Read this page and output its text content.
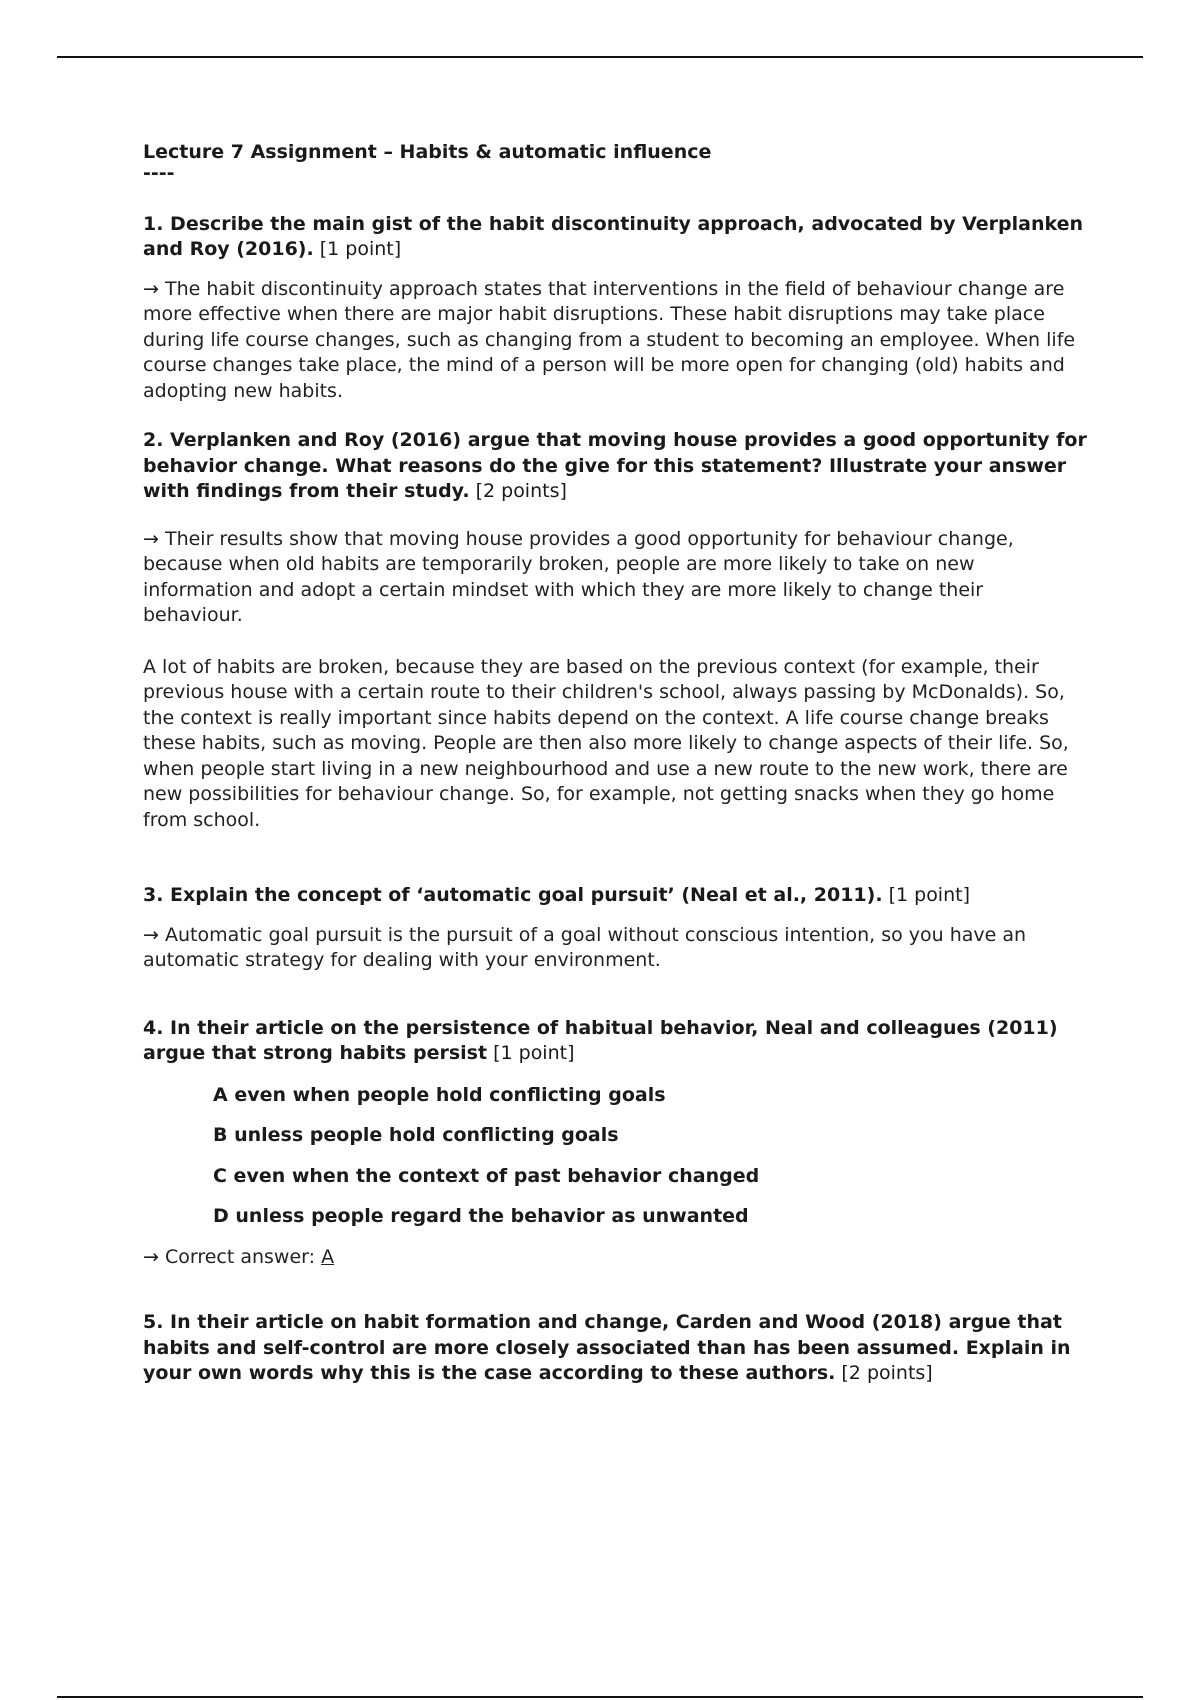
Lecture 7 Assignment – Habits & automatic influence

----

1. Describe the main gist of the habit discontinuity approach, advocated by Verplanken and Roy (2016). [1 point]

→ The habit discontinuity approach states that interventions in the field of behaviour change are more effective when there are major habit disruptions. These habit disruptions may take place during life course changes, such as changing from a student to becoming an employee. When life course changes take place, the mind of a person will be more open for changing (old) habits and adopting new habits.

2. Verplanken and Roy (2016) argue that moving house provides a good opportunity for behavior change. What reasons do the give for this statement? Illustrate your answer with findings from their study. [2 points]

→ Their results show that moving house provides a good opportunity for behaviour change, because when old habits are temporarily broken, people are more likely to take on new information and adopt a certain mindset with which they are more likely to change their behaviour.

A lot of habits are broken, because they are based on the previous context (for example, their previous house with a certain route to their children's school, always passing by McDonalds). So, the context is really important since habits depend on the context. A life course change breaks these habits, such as moving. People are then also more likely to change aspects of their life. So, when people start living in a new neighbourhood and use a new route to the new work, there are new possibilities for behaviour change. So, for example, not getting snacks when they go home from school.

3. Explain the concept of ‘automatic goal pursuit’ (Neal et al., 2011). [1 point]

→ Automatic goal pursuit is the pursuit of a goal without conscious intention, so you have an automatic strategy for dealing with your environment.

4. In their article on the persistence of habitual behavior, Neal and colleagues (2011) argue that strong habits persist [1 point]

A even when people hold conflicting goals

B unless people hold conflicting goals

C even when the context of past behavior changed

D unless people regard the behavior as unwanted

→ Correct answer: A

5. In their article on habit formation and change, Carden and Wood (2018) argue that habits and self-control are more closely associated than has been assumed. Explain in your own words why this is the case according to these authors. [2 points]
